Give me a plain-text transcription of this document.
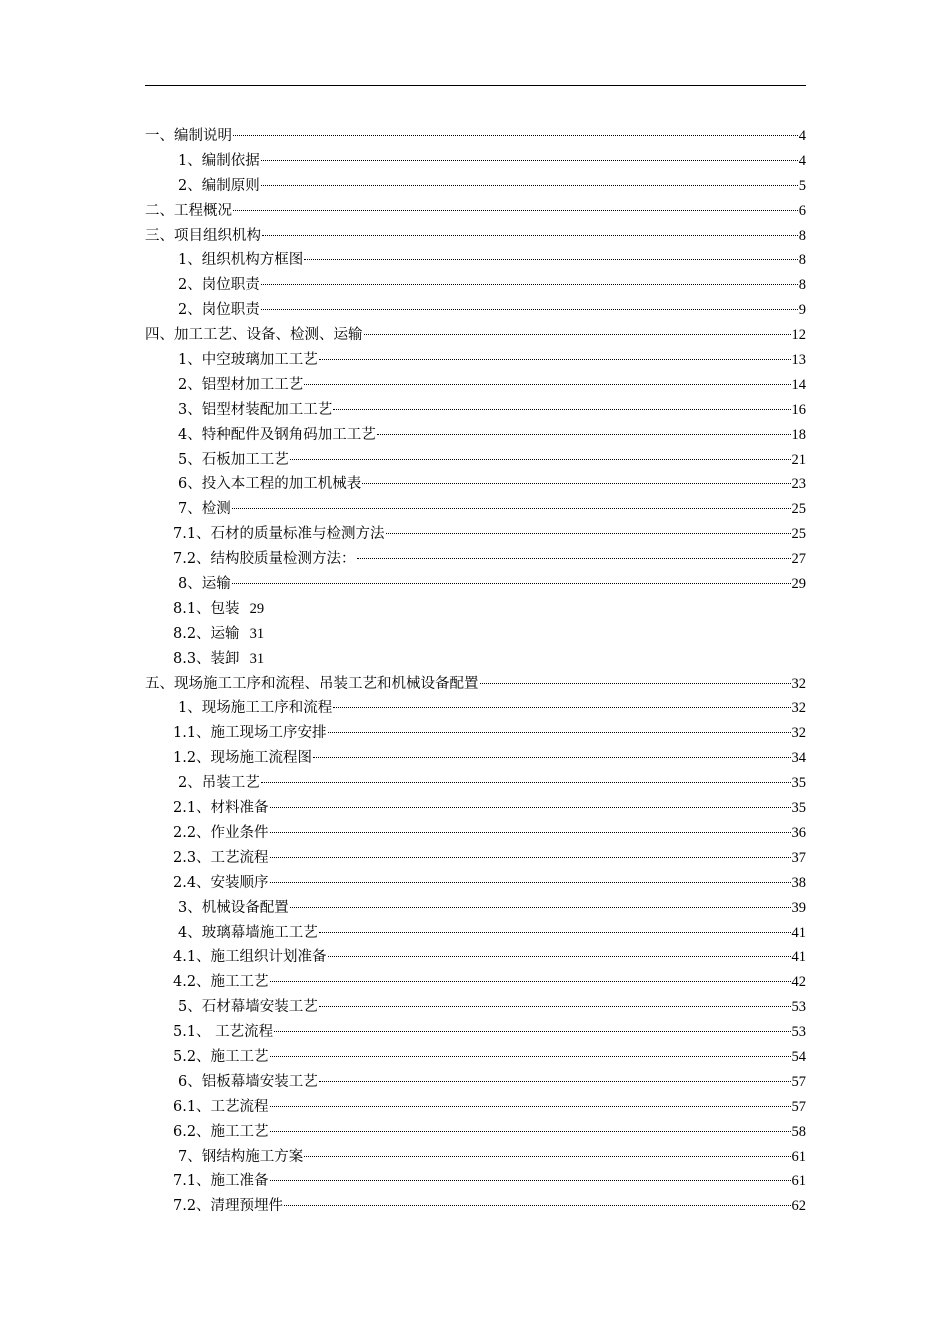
一、编制说明	4
1、编制依据	4
2、编制原则	5
二、工程概况	6
三、项目组织机构	8
1、组织机构方框图	8
2、岗位职责	8
2、岗位职责	9
四、加工工艺、设备、检测、运输	12
1、中空玻璃加工工艺	13
2、铝型材加工工艺	14
3、铝型材装配加工工艺	16
4、特种配件及钢角码加工工艺	18
5、石板加工工艺	21
6、投入本工程的加工机械表	23
7、检测	25
7.1、石材的质量标准与检测方法	25
7.2、结构胶质量检测方法：	27
8、运输	29
8.1、包装 29
8.2、运输 31
8.3、装卸 31
五、现场施工工序和流程、吊装工艺和机械设备配置	32
1、现场施工工序和流程	32
1.1、施工现场工序安排	32
1.2、现场施工流程图	34
2、吊装工艺	35
2.1、材料准备	35
2.2、作业条件	36
2.3、工艺流程	37
2.4、安装顺序	38
3、机械设备配置	39
4、玻璃幕墙施工工艺	41
4.1、施工组织计划准备	41
4.2、施工工艺	42
5、石材幕墙安装工艺	53
5.1、 工艺流程	53
5.2、施工工艺	54
6、铝板幕墙安装工艺	57
6.1、工艺流程	57
6.2、施工工艺	58
7、钢结构施工方案	61
7.1、施工准备	61
7.2、清理预埋件	62
